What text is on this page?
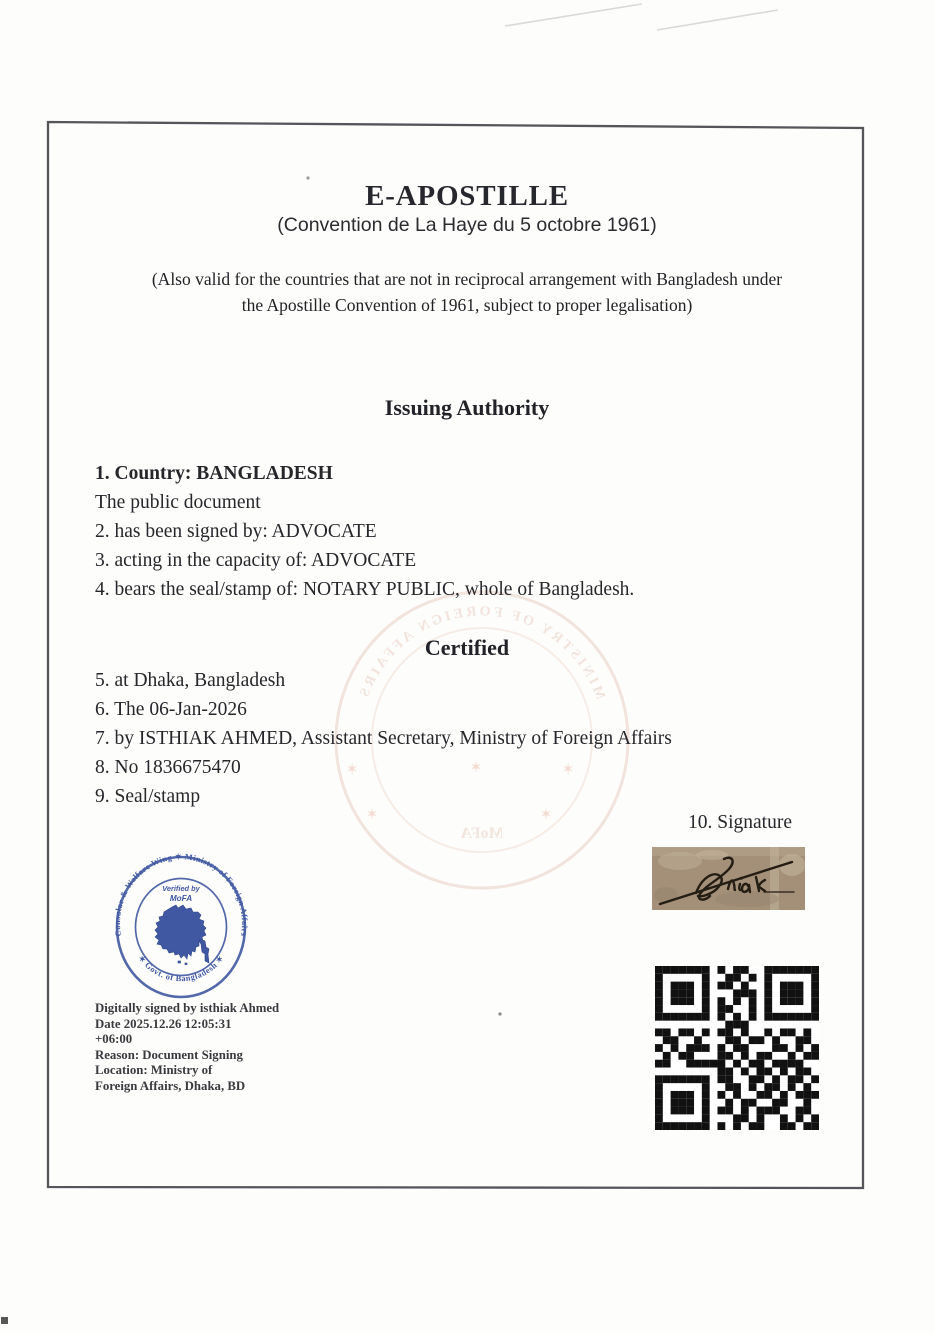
MINISTRY OF FOREIGN AFFAIRS
MoFA
✶	✶	✶
✶	✶
E-APOSTILLE
(Convention de La Haye du 5 octobre 1961)
(Also valid for the countries that are not in reciprocal arrangement with Bangladesh under
the Apostille Convention of 1961, subject to proper legalisation)
Issuing Authority
1. Country: BANGLADESH
The public document
2. has been signed by: ADVOCATE
3. acting in the capacity of: ADVOCATE
4. bears the seal/stamp of: NOTARY PUBLIC, whole of Bangladesh.
Certified
5. at Dhaka, Bangladesh
6. The 06-Jan-2026
7. by ISTHIAK AHMED, Assistant Secretary, Ministry of Foreign Affairs
8. No 1836675470
9. Seal/stamp
10. Signature
Consular & Welfare Wing ✶ Ministry of Foreign Affairs
✶ Govt. of Bangladesh ✶
Verified by
MoFA
Digitally signed by isthiak Ahmed
Date 2025.12.26 12:05:31
+06:00
Reason: Document Signing
Location: Ministry of
Foreign Affairs, Dhaka, BD
